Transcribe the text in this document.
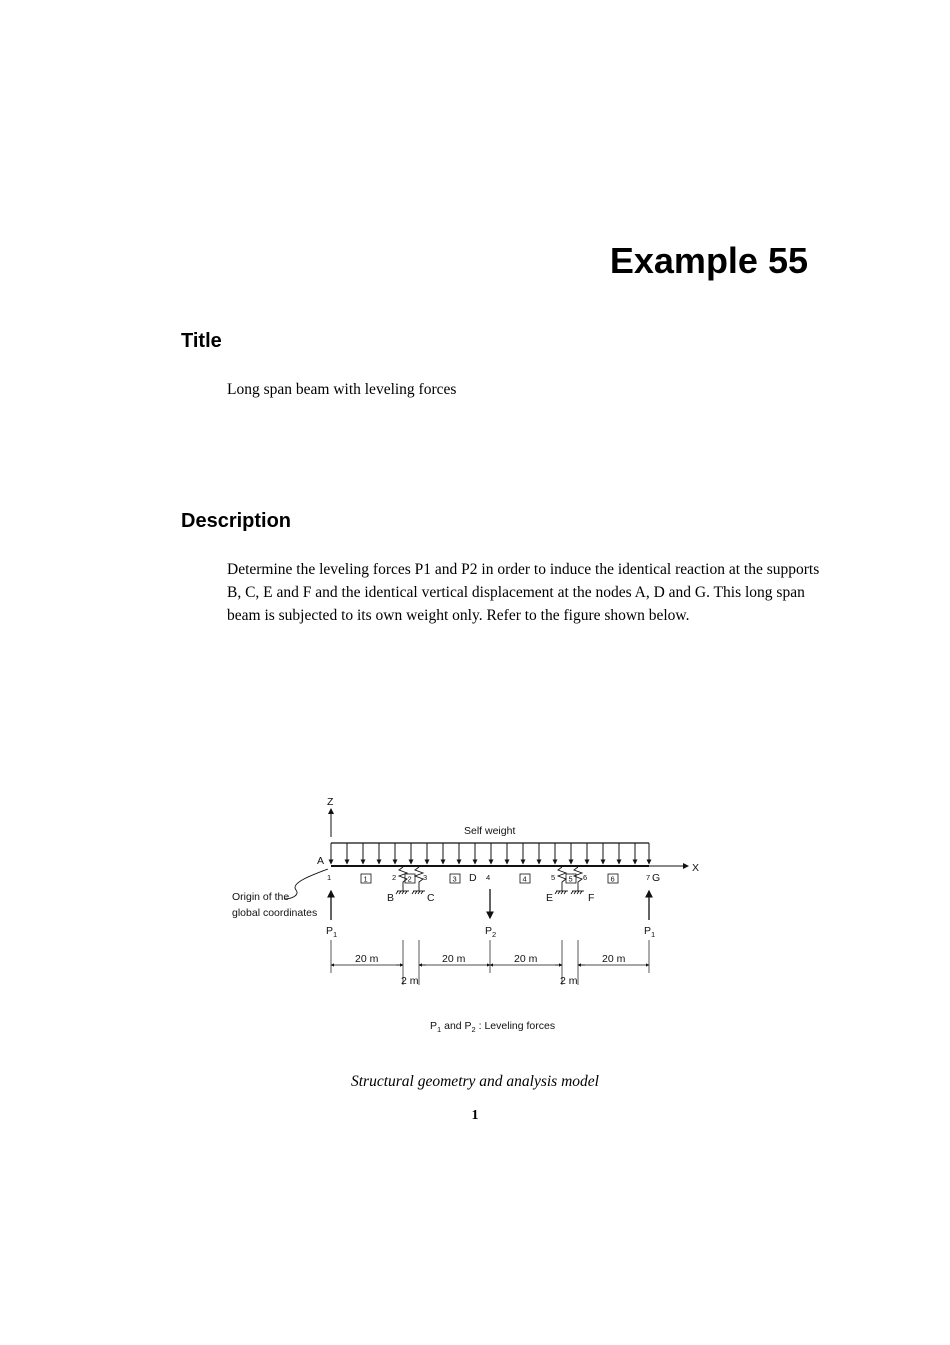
Example 55
Title

Long span beam with leveling forces

Description

Determine the leveling forces P1 and P2 in order to induce the identical reaction at the supports B, C, E and F and the identical vertical displacement at the nodes A, D and G. This long span beam is subjected to its own weight only. Refer to the figure shown below.

Z
Self weight
X
A
D	G
B	C	E	F
1	2	3	4	5	6	7
1	2	3	4	5	6
Origin of the
global coordinates
$P_1$	$P_2$	$P_1$
20 m	20 m	20 m	20 m
2 m	2 m
$P_1$ and $P_2$ : Leveling forces

Structural geometry and analysis model

1
